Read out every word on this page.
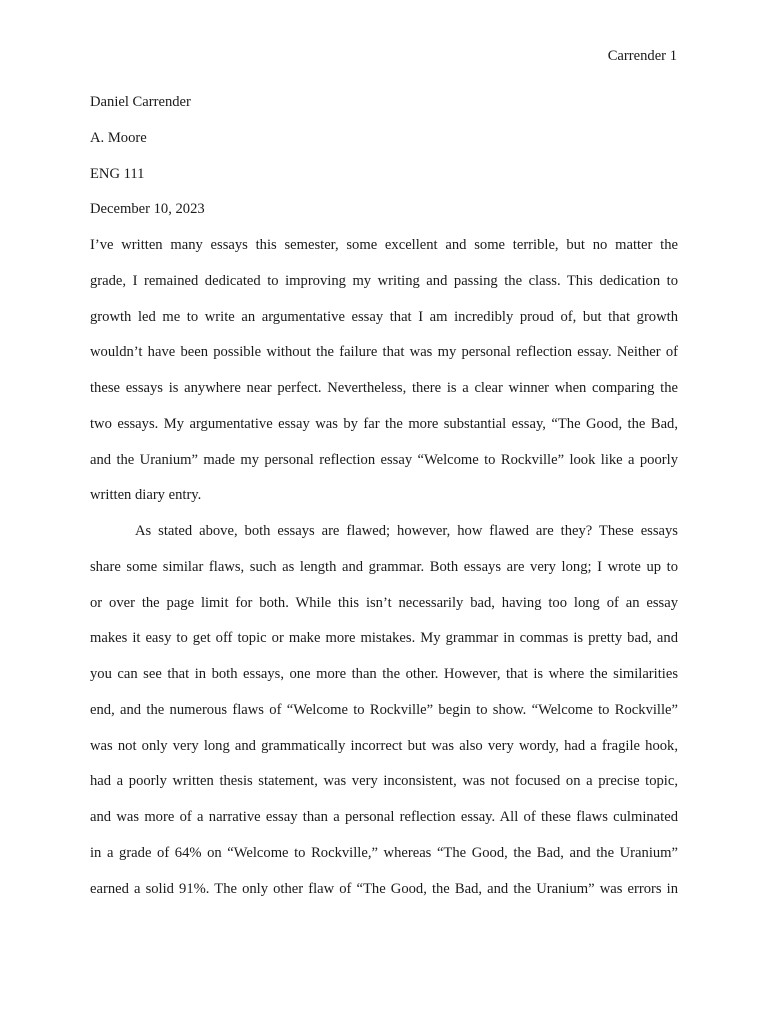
Carrender 1
Daniel Carrender
A. Moore
ENG 111
December 10, 2023
I’ve written many essays this semester, some excellent and some terrible, but no matter the
grade, I remained dedicated to improving my writing and passing the class. This dedication to
growth led me to write an argumentative essay that I am incredibly proud of, but that growth
wouldn’t have been possible without the failure that was my personal reflection essay. Neither of
these essays is anywhere near perfect. Nevertheless, there is a clear winner when comparing the
two essays. My argumentative essay was by far the more substantial essay, “The Good, the Bad,
and the Uranium” made my personal reflection essay “Welcome to Rockville” look like a poorly
written diary entry.
As stated above, both essays are flawed; however, how flawed are they? These essays
share some similar flaws, such as length and grammar. Both essays are very long; I wrote up to
or over the page limit for both. While this isn’t necessarily bad, having too long of an essay
makes it easy to get off topic or make more mistakes. My grammar in commas is pretty bad, and
you can see that in both essays, one more than the other. However, that is where the similarities
end, and the numerous flaws of “Welcome to Rockville” begin to show. “Welcome to Rockville”
was not only very long and grammatically incorrect but was also very wordy, had a fragile hook,
had a poorly written thesis statement, was very inconsistent, was not focused on a precise topic,
and was more of a narrative essay than a personal reflection essay. All of these flaws culminated
in a grade of 64% on “Welcome to Rockville,” whereas “The Good, the Bad, and the Uranium”
earned a solid 91%. The only other flaw of “The Good, the Bad, and the Uranium” was errors in
